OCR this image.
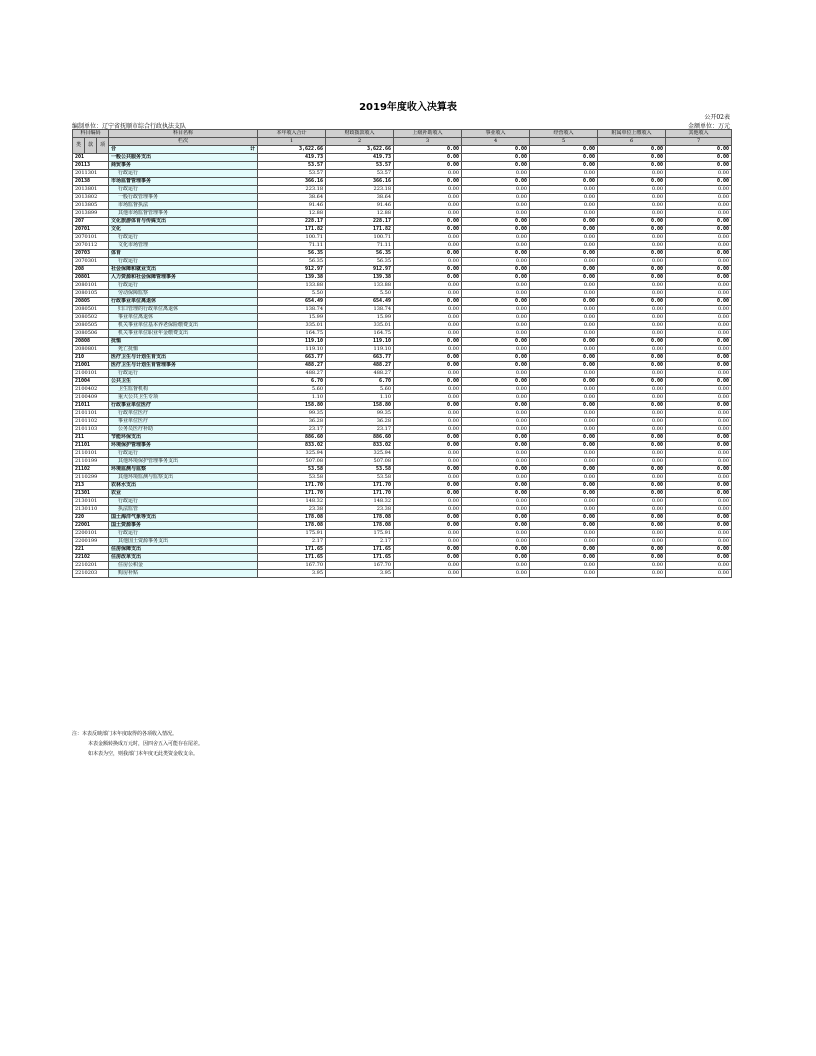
2019年度收入决算表
公开02表
编制单位：辽宁省抚顺市综合行政执法支队	金额单位：万元
科目编码			科目名称	本年收入合计	财政拨款收入	上级补助收入	事业收入	经营收入	附属单位上缴收入	其他收入
类	款	项	栏次	1	2	3	4	5	6	7
			合 计	3,622.66	3,622.66	0.00	0.00	0.00	0.00	0.00
201			一般公共服务支出	419.73	419.73	0.00	0.00	0.00	0.00	0.00
20113			商贸事务	53.57	53.57	0.00	0.00	0.00	0.00	0.00
2011301			行政运行	53.57	53.57	0.00	0.00	0.00	0.00	0.00
20138			市场监督管理事务	366.16	366.16	0.00	0.00	0.00	0.00	0.00
2013801			行政运行	223.18	223.18	0.00	0.00	0.00	0.00	0.00
2013802			一般行政管理事务	38.64	38.64	0.00	0.00	0.00	0.00	0.00
2013805			市场监督执法	91.46	91.46	0.00	0.00	0.00	0.00	0.00
2013899			其他市场监督管理事务	12.88	12.88	0.00	0.00	0.00	0.00	0.00
207			文化旅游体育与传媒支出	228.17	228.17	0.00	0.00	0.00	0.00	0.00
20701			文化	171.82	171.82	0.00	0.00	0.00	0.00	0.00
2070101			行政运行	100.71	100.71	0.00	0.00	0.00	0.00	0.00
2070112			文化市场管理	71.11	71.11	0.00	0.00	0.00	0.00	0.00
20703			体育	56.35	56.35	0.00	0.00	0.00	0.00	0.00
2070301			行政运行	56.35	56.35	0.00	0.00	0.00	0.00	0.00
208			社会保障和就业支出	912.97	912.97	0.00	0.00	0.00	0.00	0.00
20801			人力资源和社会保障管理事务	139.38	139.38	0.00	0.00	0.00	0.00	0.00
2080101			行政运行	133.88	133.88	0.00	0.00	0.00	0.00	0.00
2080105			劳动保障监察	5.50	5.50	0.00	0.00	0.00	0.00	0.00
20805			行政事业单位离退休	654.49	654.49	0.00	0.00	0.00	0.00	0.00
2080501			归口管理的行政单位离退休	138.74	138.74	0.00	0.00	0.00	0.00	0.00
2080502			事业单位离退休	15.99	15.99	0.00	0.00	0.00	0.00	0.00
2080505			机关事业单位基本养老保险缴费支出	335.01	335.01	0.00	0.00	0.00	0.00	0.00
2080506			机关事业单位职业年金缴费支出	164.75	164.75	0.00	0.00	0.00	0.00	0.00
20808			抚恤	119.10	119.10	0.00	0.00	0.00	0.00	0.00
2080801			死亡抚恤	119.10	119.10	0.00	0.00	0.00	0.00	0.00
210			医疗卫生与计划生育支出	663.77	663.77	0.00	0.00	0.00	0.00	0.00
21001			医疗卫生与计划生育管理事务	488.27	488.27	0.00	0.00	0.00	0.00	0.00
2100101			行政运行	488.27	488.27	0.00	0.00	0.00	0.00	0.00
21004			公共卫生	6.70	6.70	0.00	0.00	0.00	0.00	0.00
2100402			卫生监督机构	5.60	5.60	0.00	0.00	0.00	0.00	0.00
2100409			重大公共卫生专项	1.10	1.10	0.00	0.00	0.00	0.00	0.00
21011			行政事业单位医疗	158.80	158.80	0.00	0.00	0.00	0.00	0.00
2101101			行政单位医疗	99.35	99.35	0.00	0.00	0.00	0.00	0.00
2101102			事业单位医疗	36.28	36.28	0.00	0.00	0.00	0.00	0.00
2101103			公务员医疗补助	23.17	23.17	0.00	0.00	0.00	0.00	0.00
211			节能环保支出	886.60	886.60	0.00	0.00	0.00	0.00	0.00
21101			环境保护管理事务	833.02	833.02	0.00	0.00	0.00	0.00	0.00
2110101			行政运行	325.94	325.94	0.00	0.00	0.00	0.00	0.00
2110199			其他环境保护管理事务支出	507.08	507.08	0.00	0.00	0.00	0.00	0.00
21102			环境监测与监察	53.58	53.58	0.00	0.00	0.00	0.00	0.00
2110299			其他环境监测与监察支出	53.58	53.58	0.00	0.00	0.00	0.00	0.00
213			农林水支出	171.70	171.70	0.00	0.00	0.00	0.00	0.00
21301			农业	171.70	171.70	0.00	0.00	0.00	0.00	0.00
2130101			行政运行	148.32	148.32	0.00	0.00	0.00	0.00	0.00
2130110			执法监管	23.38	23.38	0.00	0.00	0.00	0.00	0.00
220			国土海洋气象等支出	178.08	178.08	0.00	0.00	0.00	0.00	0.00
22001			国土资源事务	178.08	178.08	0.00	0.00	0.00	0.00	0.00
2200101			行政运行	175.91	175.91	0.00	0.00	0.00	0.00	0.00
2200199			其他国土资源事务支出	2.17	2.17	0.00	0.00	0.00	0.00	0.00
221			住房保障支出	171.65	171.65	0.00	0.00	0.00	0.00	0.00
22102			住房改革支出	171.65	171.65	0.00	0.00	0.00	0.00	0.00
2210201			住房公积金	167.70	167.70	0.00	0.00	0.00	0.00	0.00
2210203			购房补贴	3.95	3.95	0.00	0.00	0.00	0.00	0.00
注：本表反映部门本年度取得的各项收入情况。
本表金额转换成万元时，因四舍五入可能存在尾差。
如本表为空，则我部门本年度无此类资金收支余。
